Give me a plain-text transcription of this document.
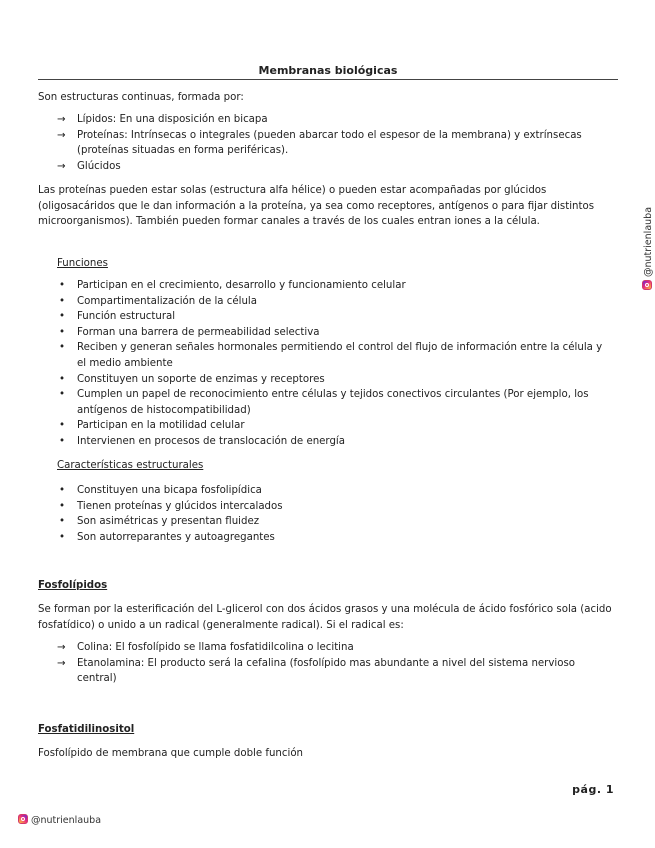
Membranas biológicas

Son estructuras continuas, formada por:

→	Lípidos: En una disposición en bicapa
→	Proteínas: Intrínsecas o integrales (pueden abarcar todo el espesor de la membrana) y extrínsecas (proteínas situadas en forma periféricas).
→	Glúcidos

Las proteínas pueden estar solas (estructura alfa hélice) o pueden estar acompañadas por glúcidos (oligosacáridos que le dan información a la proteína, ya sea como receptores, antígenos o para fijar distintos microorganismos). También pueden formar canales a través de los cuales entran iones a la célula.

Funciones

• Participan en el crecimiento, desarrollo y funcionamiento celular
• Compartimentalización de la célula
• Función estructural
• Forman una barrera de permeabilidad selectiva
• Reciben y generan señales hormonales permitiendo el control del flujo de información entre la célula y el medio ambiente
• Constituyen un soporte de enzimas y receptores
• Cumplen un papel de reconocimiento entre células y tejidos conectivos circulantes (Por ejemplo, los antígenos de histocompatibilidad)
• Participan en la motilidad celular
• Intervienen en procesos de translocación de energía

Características estructurales

• Constituyen una bicapa fosfolipídica
• Tienen proteínas y glúcidos intercalados
• Son asimétricas y presentan fluidez
• Son autorreparantes y autoagregantes

Fosfolípidos

Se forman por la esterificación del L-glicerol con dos ácidos grasos y una molécula de ácido fosfórico sola (acido fosfatídico) o unido a un radical (generalmente radical). Si el radical es:

→	Colina: El fosfolípido se llama fosfatidilcolina o lecitina
→	Etanolamina: El producto será la cefalina (fosfolípido mas abundante a nivel del sistema nervioso central)

Fosfatidilinositol

Fosfolípido de membrana que cumple doble función

pág. 1
@nutrienlauba
@nutrienlauba
